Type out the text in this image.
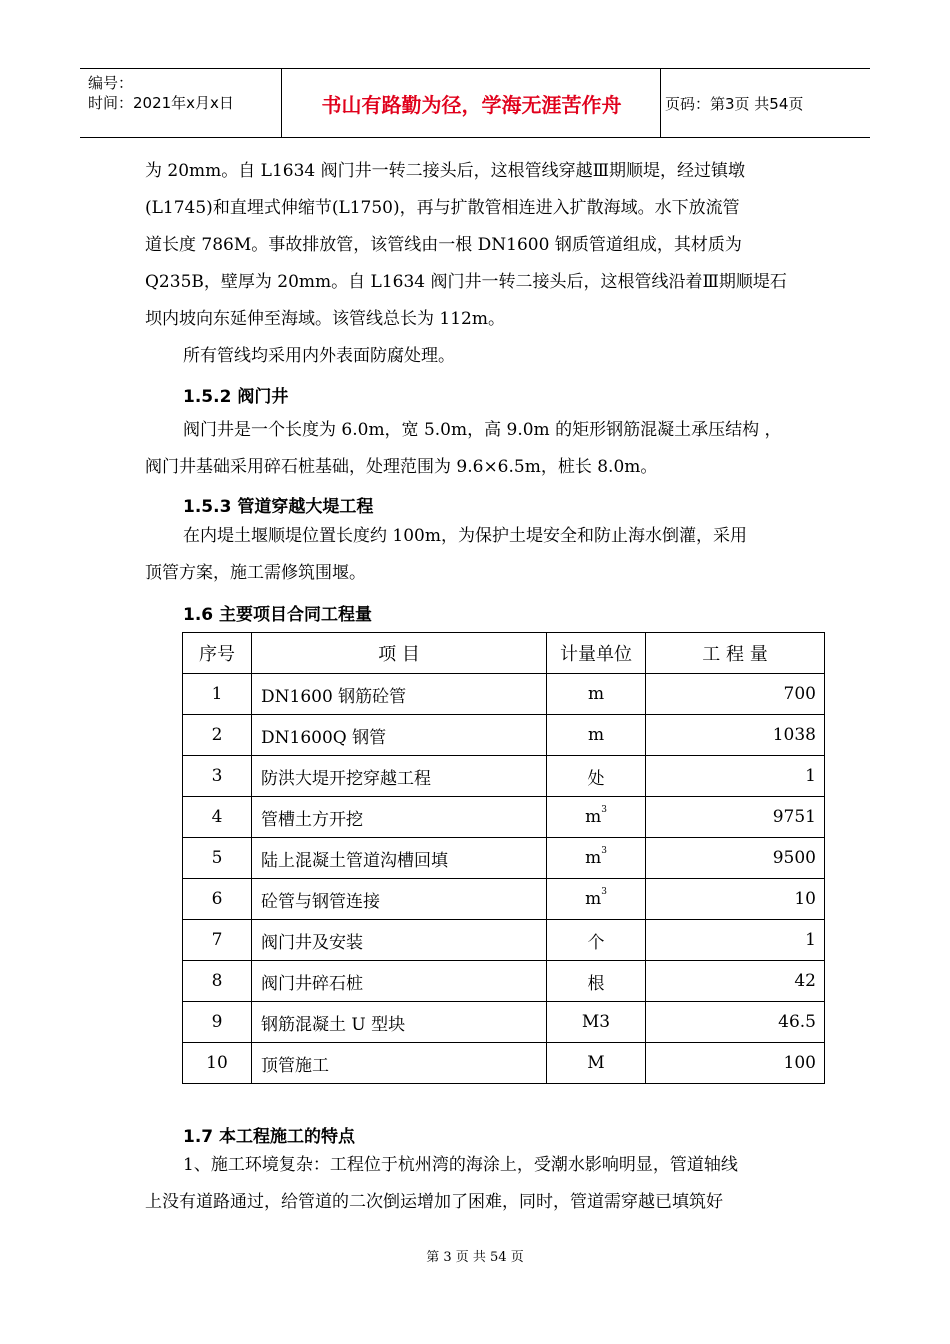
编号：
时间：2021年x月x日	书山有路勤为径，学海无涯苦作舟	页码：第3页 共54页
为 20mm。自 L1634 阀门井一转二接头后，这根管线穿越Ⅲ期顺堤，经过镇墩
(L1745)和直埋式伸缩节(L1750)，再与扩散管相连进入扩散海域。水下放流管
道长度 786M。事故排放管，该管线由一根 DN1600 钢质管道组成，其材质为
Q235B，壁厚为 20mm。自 L1634 阀门井一转二接头后，这根管线沿着Ⅲ期顺堤石
坝内坡向东延伸至海域。该管线总长为 112m。
所有管线均采用内外表面防腐处理。
1.5.2 阀门井
阀门井是一个长度为 6.0m，宽 5.0m，高 9.0m 的矩形钢筋混凝土承压结构 ，
阀门井基础采用碎石桩基础，处理范围为 9.6×6.5m，桩长 8.0m。
1.5.3 管道穿越大堤工程
在内堤土堰顺堤位置长度约 100m，为保护土堤安全和防止海水倒灌，采用
顶管方案，施工需修筑围堰。
1.6 主要项目合同工程量
序号	项 目	计量单位	工 程 量
1	DN1600 钢筋砼管	m	700
2	DN1600Q 钢管	m	1038
3	防洪大堤开挖穿越工程	处	1
4	管槽土方开挖	$m^3$	9751
5	陆上混凝土管道沟槽回填	$m^3$	9500
6	砼管与钢管连接	$m^3$	10
7	阀门井及安装	个	1
8	阀门井碎石桩	根	42
9	钢筋混凝土 U 型块	M3	46.5
10	顶管施工	M	100
1.7 本工程施工的特点
1、施工环境复杂：工程位于杭州湾的海涂上，受潮水影响明显，管道轴线
上没有道路通过，给管道的二次倒运增加了困难，同时，管道需穿越已填筑好
第 3 页 共 54 页
